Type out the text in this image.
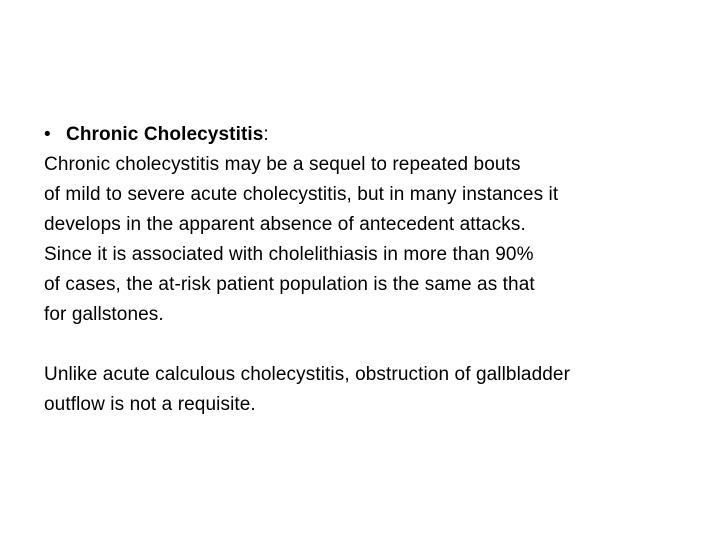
• Chronic Cholecystitis:
Chronic cholecystitis may be a sequel to repeated bouts
of mild to severe acute cholecystitis, but in many instances it
develops in the apparent absence of antecedent attacks.
Since it is associated with cholelithiasis in more than 90%
of cases, the at-risk patient population is the same as that
for gallstones.
Unlike acute calculous cholecystitis, obstruction of gallbladder
outflow is not a requisite.
